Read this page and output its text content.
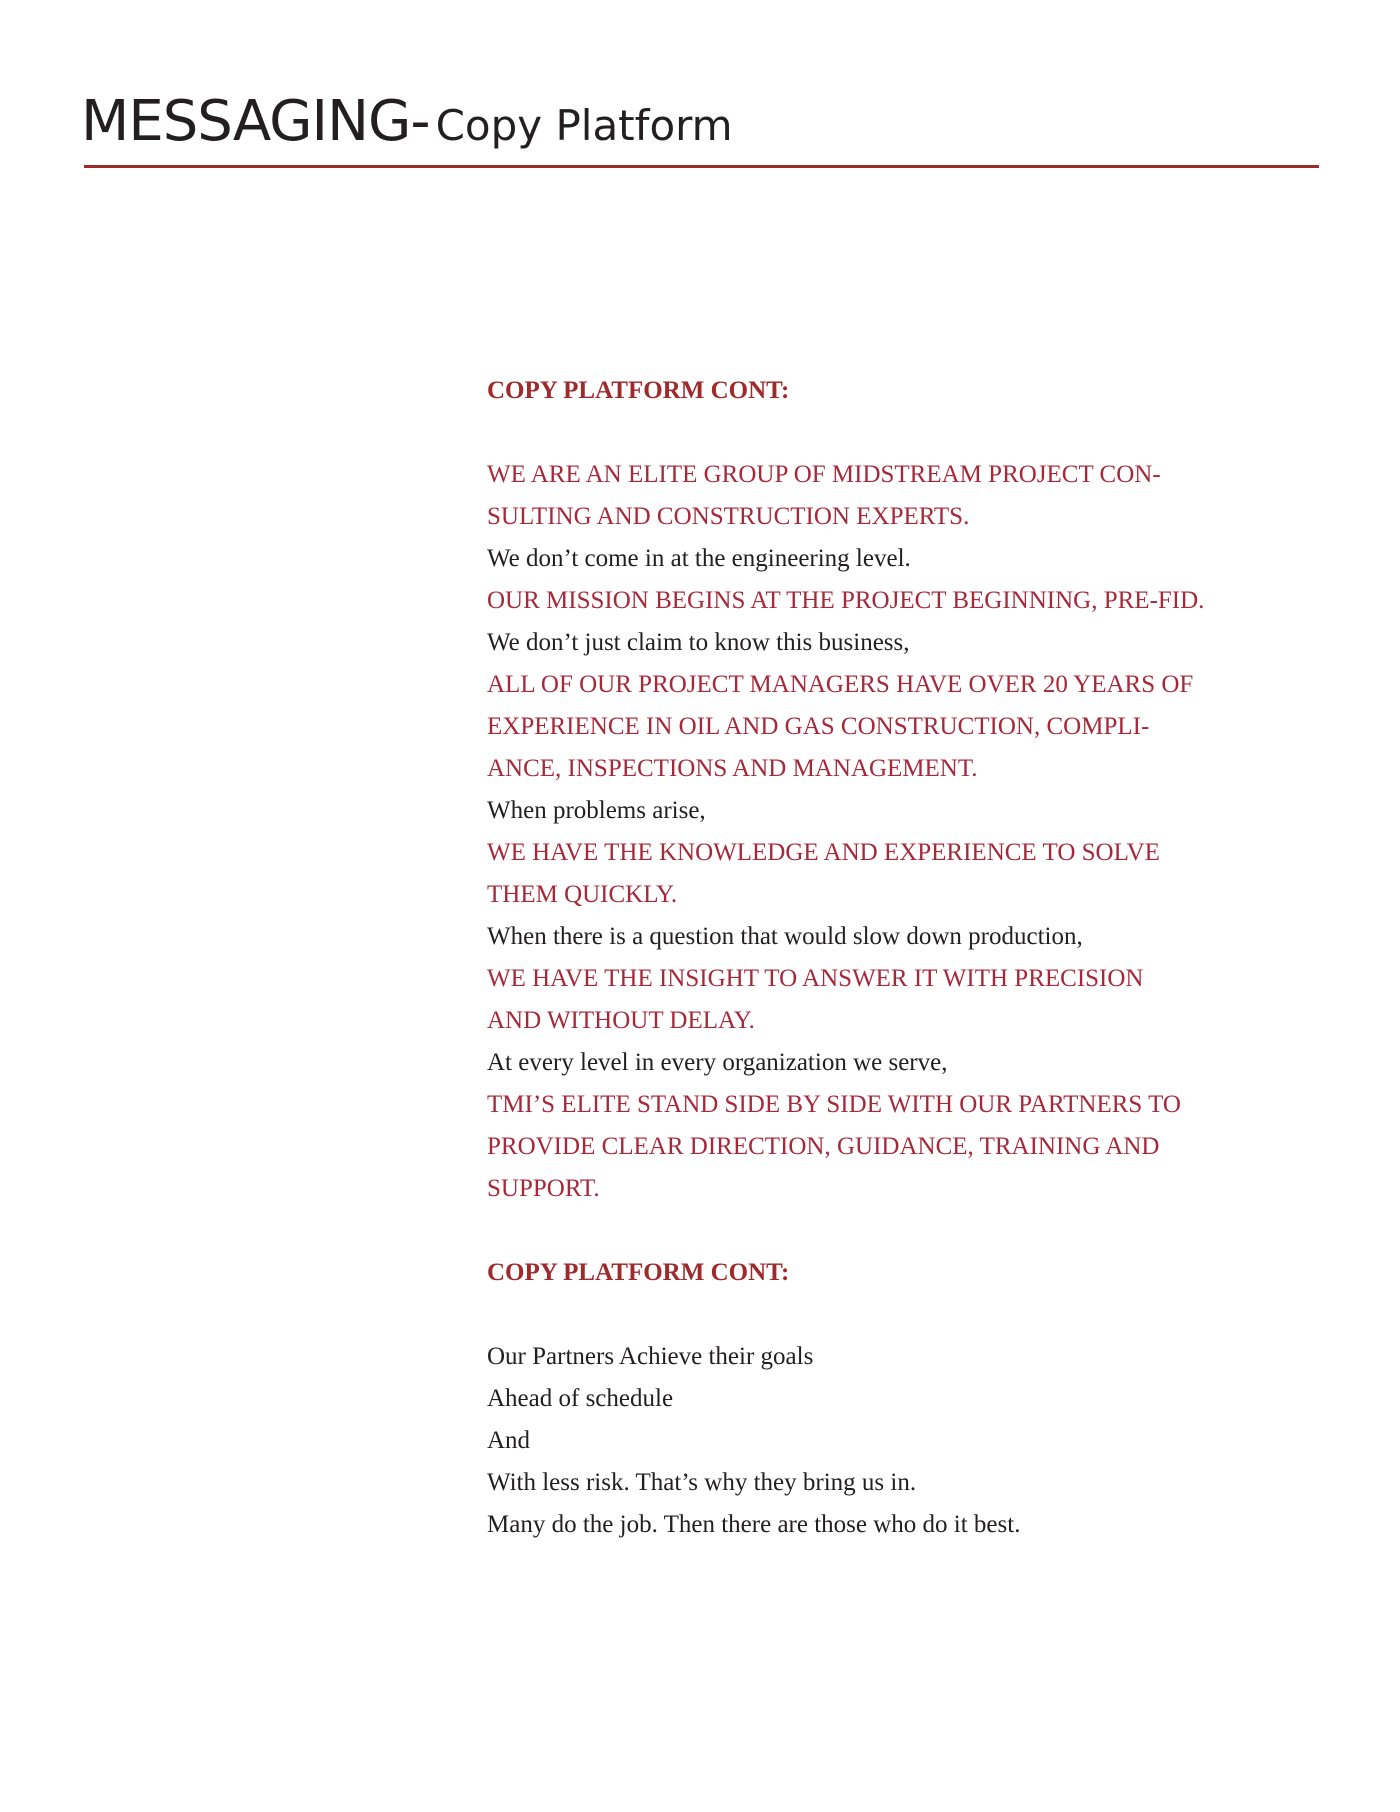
MESSAGING- Copy Platform

COPY PLATFORM CONT:

WE ARE AN ELITE GROUP OF MIDSTREAM PROJECT CON-

SULTING AND CONSTRUCTION EXPERTS.

We don’t come in at the engineering level.

OUR MISSION BEGINS AT THE PROJECT BEGINNING, PRE-FID.

We don’t just claim to know this business,

ALL OF OUR PROJECT MANAGERS HAVE OVER 20 YEARS OF

EXPERIENCE IN OIL AND GAS CONSTRUCTION, COMPLI-

ANCE, INSPECTIONS AND MANAGEMENT.

When problems arise,

WE HAVE THE KNOWLEDGE AND EXPERIENCE TO SOLVE

THEM QUICKLY.

When there is a question that would slow down production,

WE HAVE THE INSIGHT TO ANSWER IT WITH PRECISION

AND WITHOUT DELAY.

At every level in every organization we serve,

TMI’S ELITE STAND SIDE BY SIDE WITH OUR PARTNERS TO

PROVIDE CLEAR DIRECTION, GUIDANCE, TRAINING AND

SUPPORT.

COPY PLATFORM CONT:

Our Partners Achieve their goals

Ahead of schedule

And

With less risk. That’s why they bring us in.

Many do the job. Then there are those who do it best.
